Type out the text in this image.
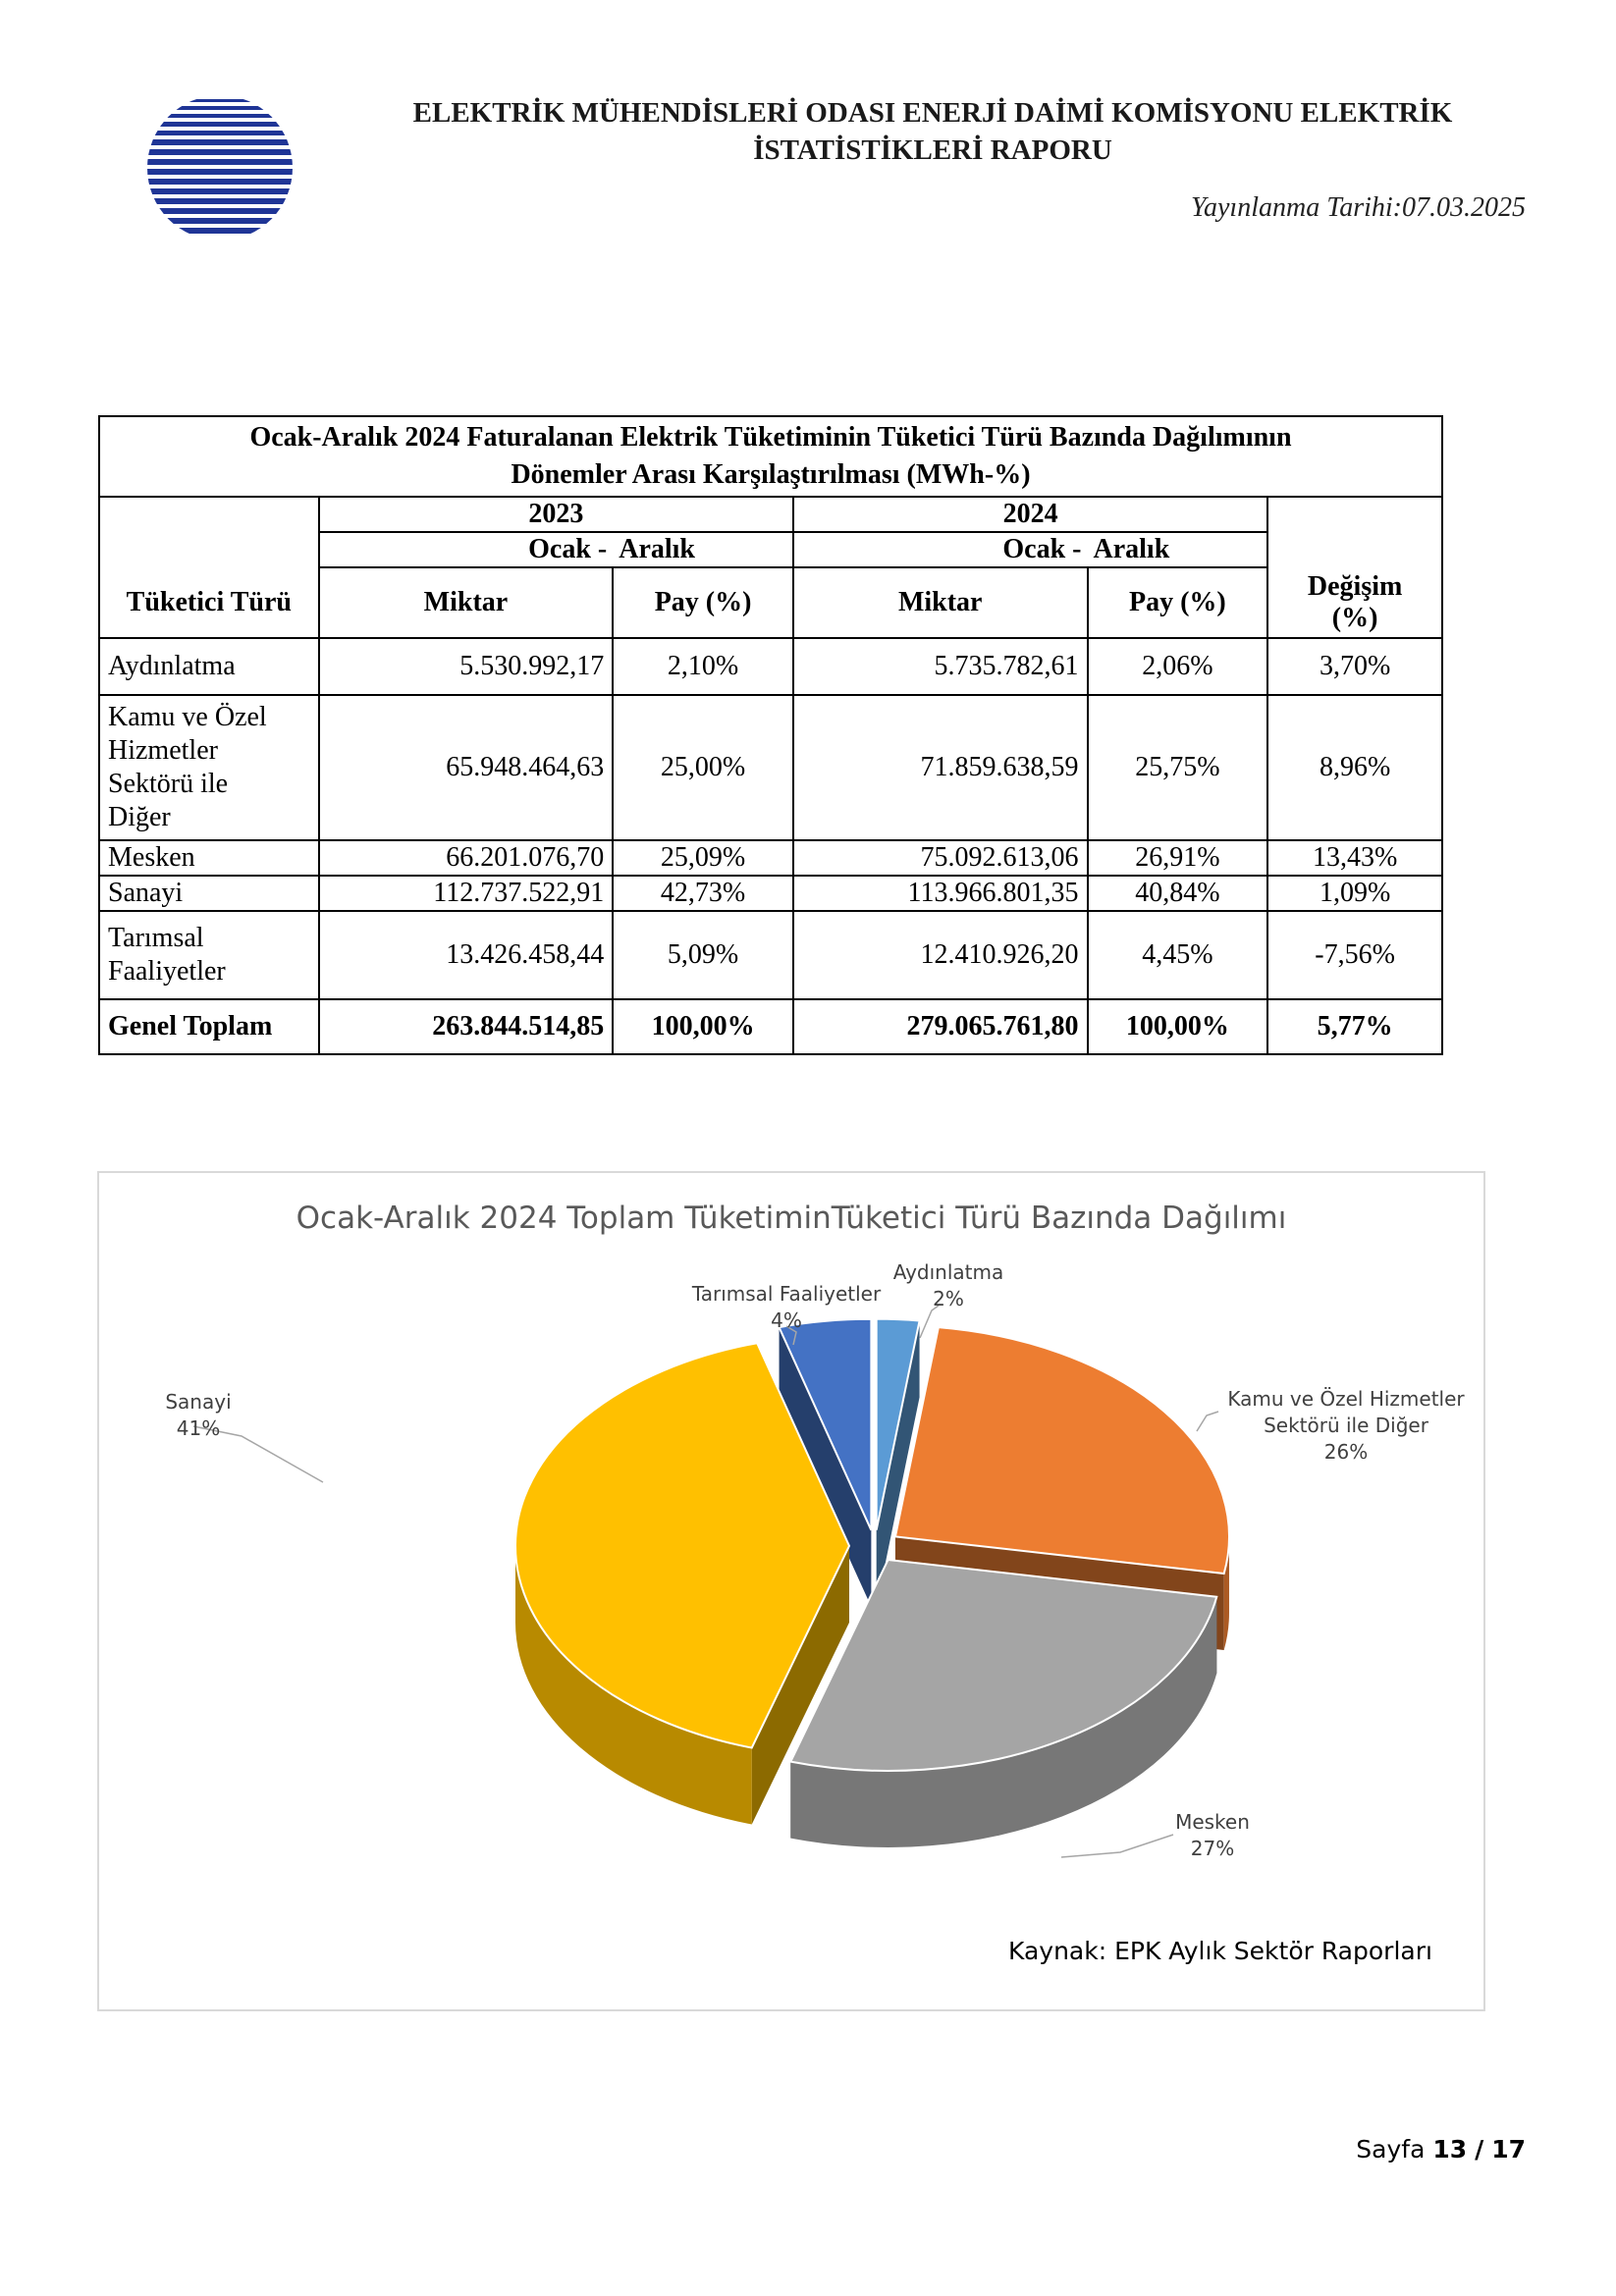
ELEKTRİK MÜHENDİSLERİ ODASI ENERJİ DAİMİ KOMİSYONU ELEKTRİK
İSTATİSTİKLERİ RAPORU
Yayınlanma Tarihi:07.03.2025
Ocak-Aralık 2024 Faturalanan Elektrik Tüketiminin Tüketici Türü Bazında Dağılımının
Dönemler Arası Karşılaştırılması (MWh-%)					

	2023		2024		
	Ocak -	Aralık	Ocak -	Aralık	
Tüketici Türü	Miktar	Pay (%)	Miktar	Pay (%)	Değişim
(%)

Aydınlatma	5.530.992,17	2,10%	5.735.782,61	2,06%	3,70%

Kamu ve Özel
Hizmetler
Sektörü ile
Diğer	65.948.464,63	25,00%	71.859.638,59	25,75%	8,96%
Mesken	66.201.076,70	25,09%	75.092.613,06	26,91%	13,43%
Sanayi	112.737.522,91	42,73%	113.966.801,35	40,84%	1,09%

Tarımsal
Faaliyetler	13.426.458,44	5,09%	12.410.926,20	4,45%	-7,56%
Genel Toplam	263.844.514,85	100,00%	279.065.761,80	100,00%	5,77%
Ocak-Aralık 2024 Toplam TüketiminTüketici Türü Bazında Dağılımı
Tarımsal Faaliyetler
4%
Aydınlatma
2%
Kamu ve Özel Hizmetler
Sektörü ile Diğer
26%
Mesken
27%
Sanayi
41%
Kaynak: EPK Aylık Sektör Raporları
Sayfa 13 / 17
